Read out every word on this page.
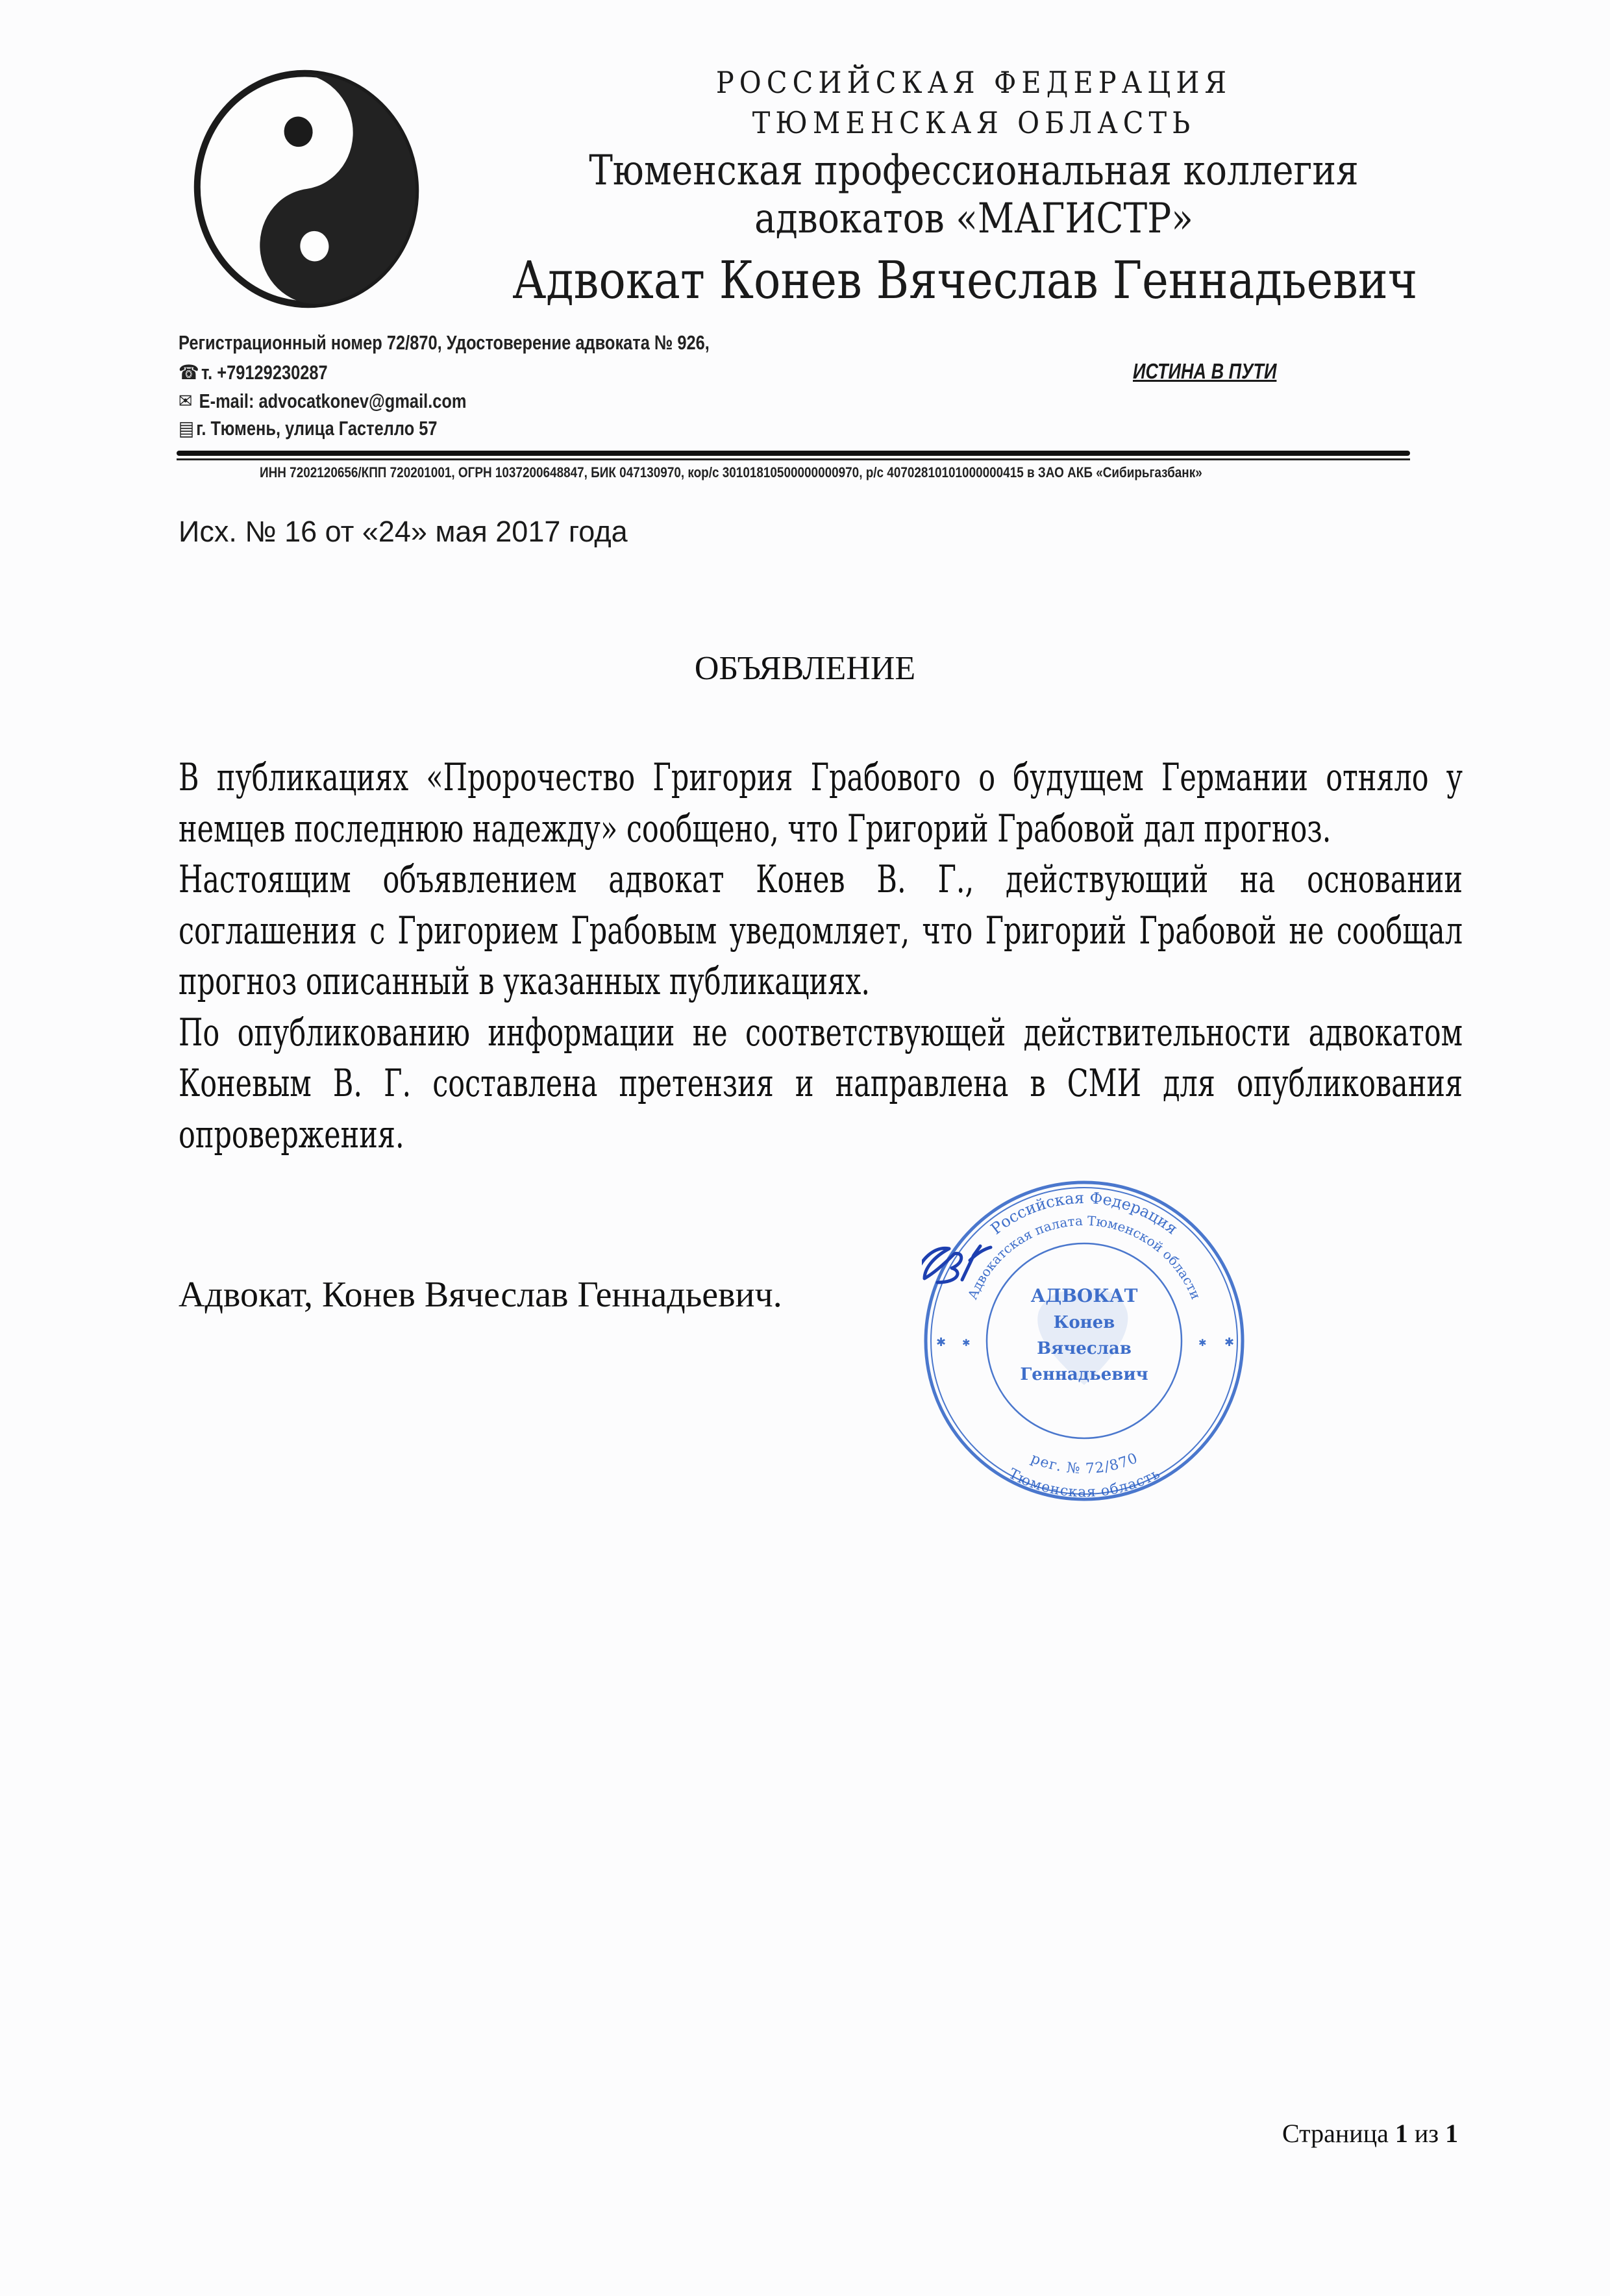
РОССИЙСКАЯ ФЕДЕРАЦИЯ
ТЮМЕНСКАЯ ОБЛАСТЬ
Тюменская профессиональная коллегия
адвокатов «МАГИСТР»
Адвокат Конев Вячеслав Геннадьевич
Регистрационный номер 72/870, Удостоверение адвоката № 926,
☎ т. +79129230287
✉ E-mail: advocatkonev@gmail.com
▤ г. Тюмень, улица Гастелло 57
ИСТИНА В ПУТИ
ИНН 7202120656/КПП 720201001, ОГРН 1037200648847, БИК 047130970, кор/с 30101810500000000970, р/с 40702810101000000415 в ЗАО АКБ «Сибирьгазбанк»
Исх. № 16 от «24» мая 2017 года
ОБЪЯВЛЕНИЕ

В публикациях «Пророчество Григория Грабового о будущем Германии отняло у немцев последнюю надежду» сообщено, что Григорий Грабовой дал прогноз.

Настоящим объявлением адвокат Конев В. Г., действующий на основании соглашения с Григорием Грабовым уведомляет, что Григорий Грабовой не сообщал прогноз описанный в указанных публикациях.

По опубликованию информации не соответствующей действительности адвокатом Коневым В. Г. составлена претензия и направлена в СМИ для опубликования опровержения.

Адвокат, Конев Вячеслав Геннадьевич.
Российская Федерация
Адвокатская палата Тюменской области
рег. № 72/870
Тюменская область
АДВОКАТ
Конев
Вячеслав
Геннадьевич
✱	✱
✱	✱
Страница 1 из 1
